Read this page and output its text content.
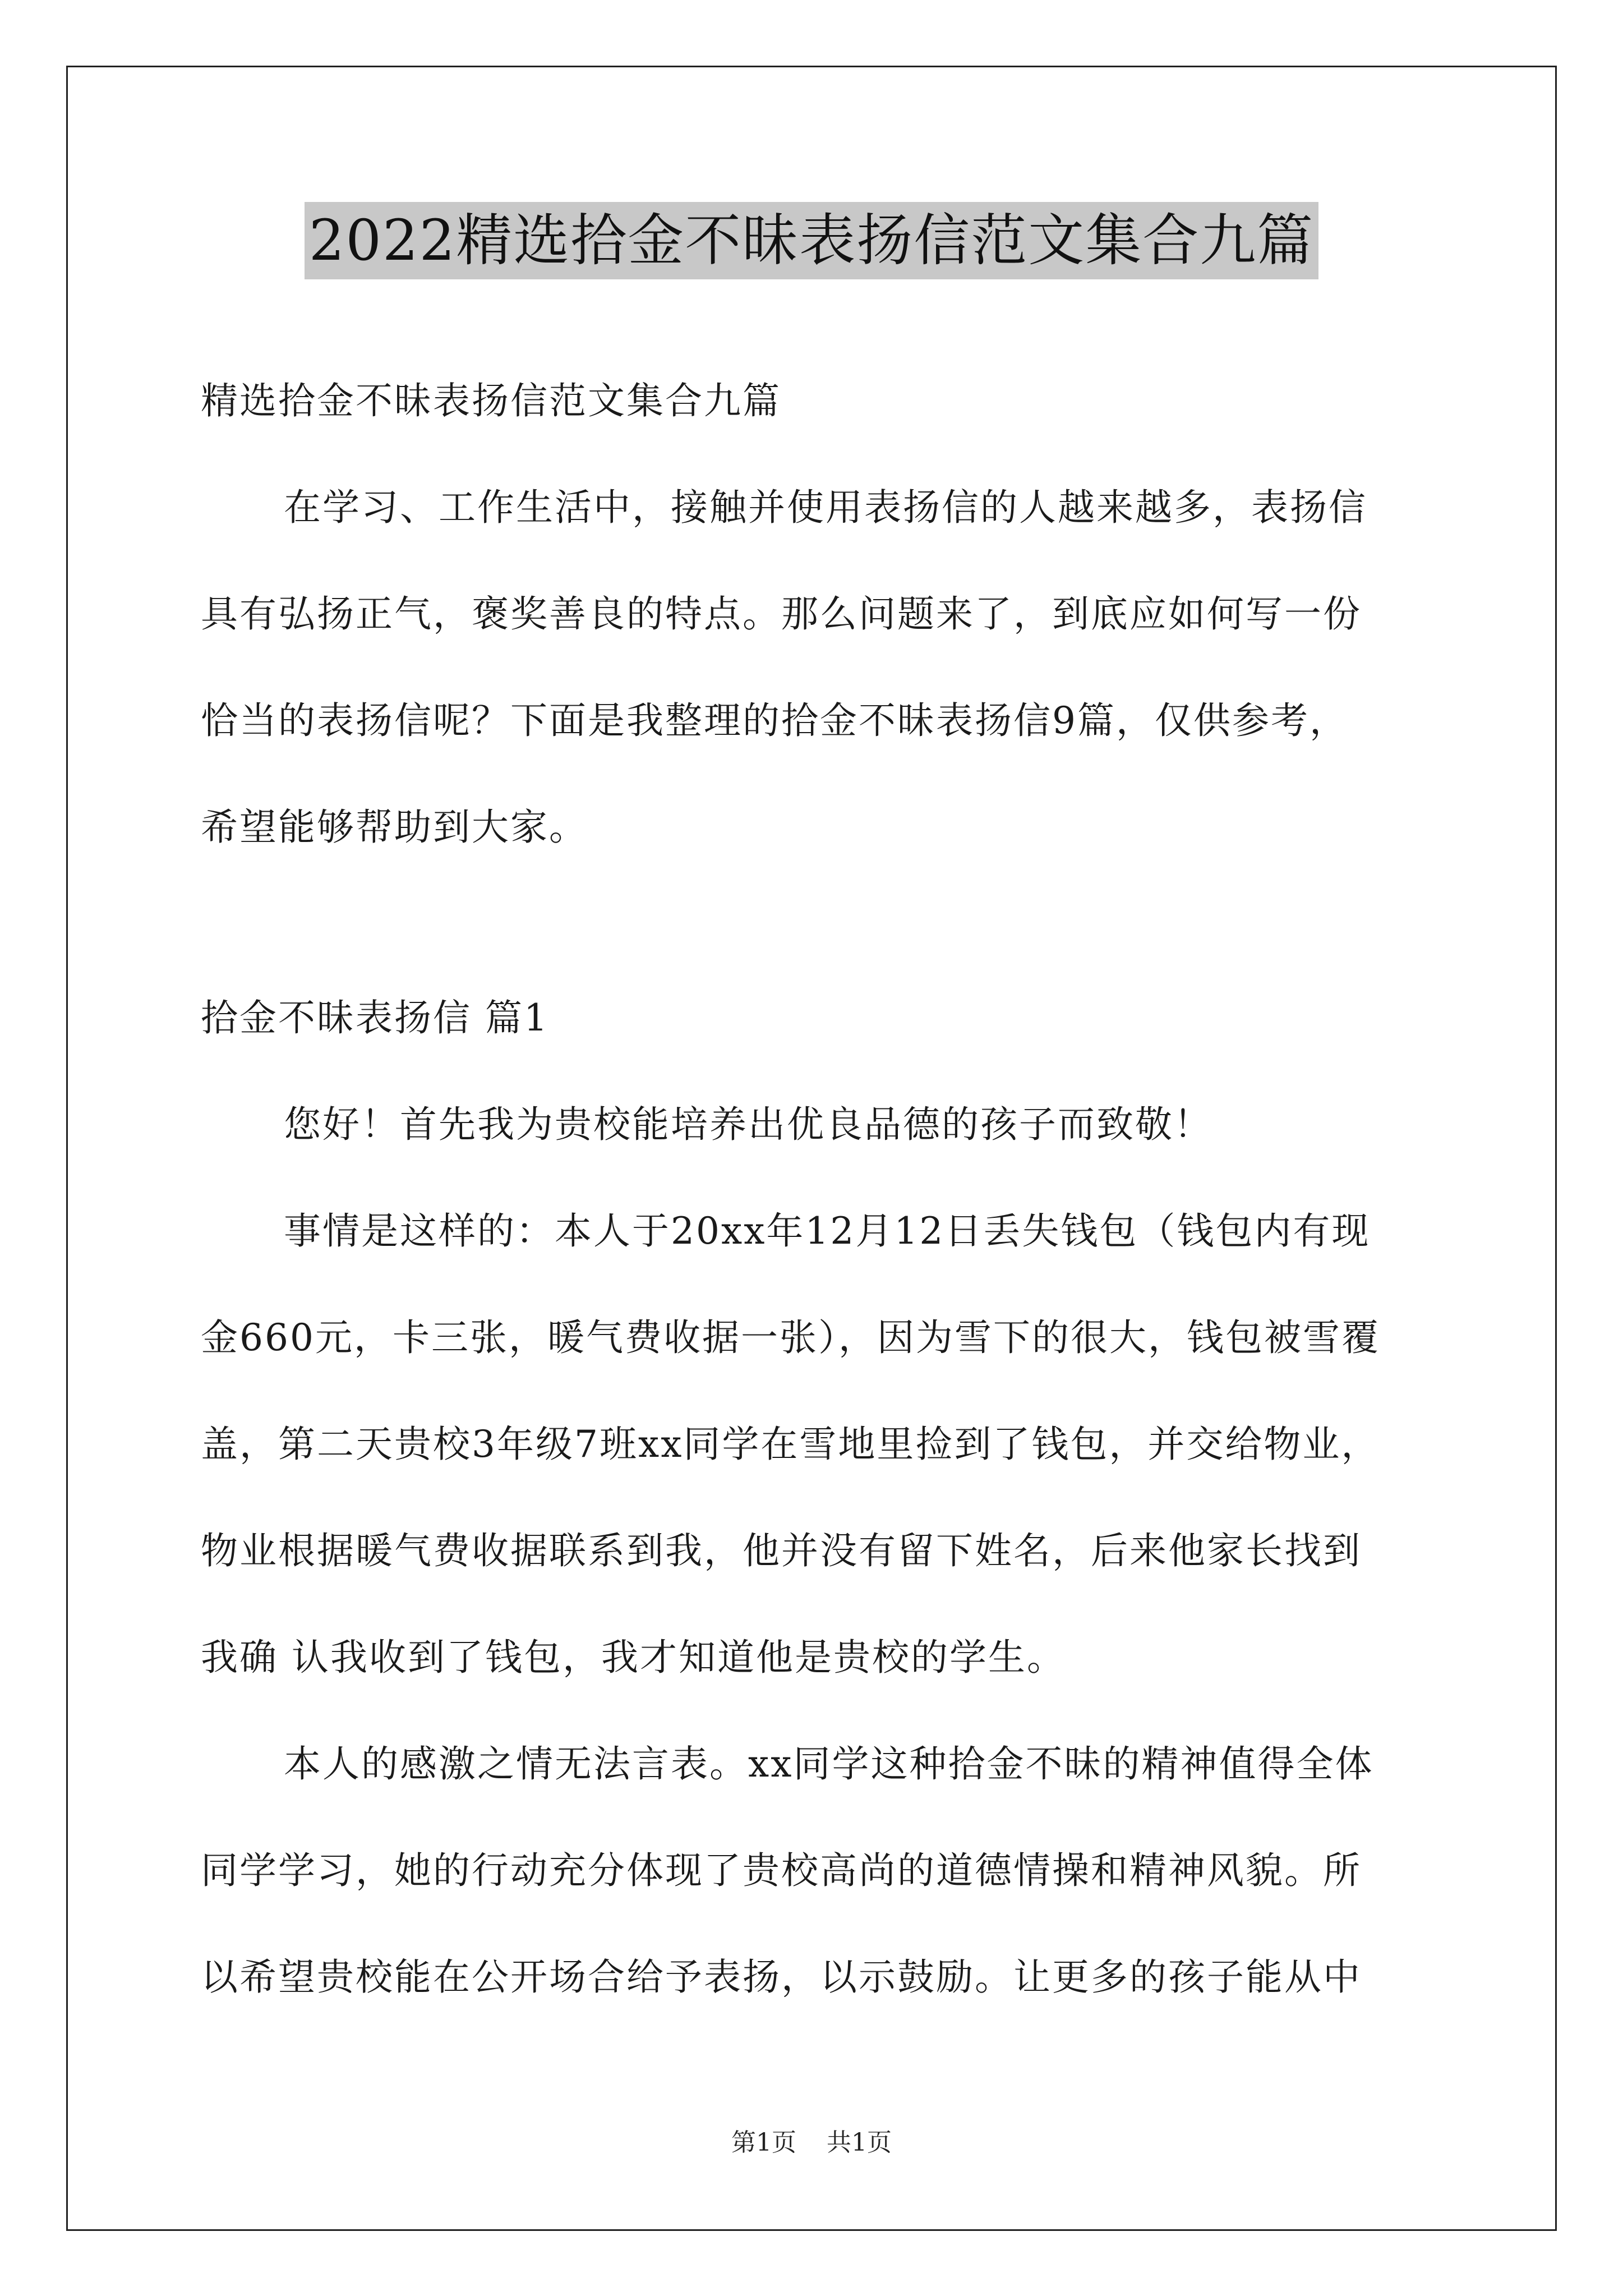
2022精选拾金不昧表扬信范文集合九篇

精选拾金不昧表扬信范文集合九篇

在学习、工作生活中，接触并使用表扬信的人越来越多，表扬信

具有弘扬正气，褒奖善良的特点。那么问题来了，到底应如何写一份

恰当的表扬信呢？下面是我整理的拾金不昧表扬信9篇，仅供参考，

希望能够帮助到大家。

拾金不昧表扬信 篇1

您好！首先我为贵校能培养出优良品德的孩子而致敬！

事情是这样的：本人于20xx年12月12日丢失钱包（钱包内有现

金660元，卡三张，暖气费收据一张），因为雪下的很大，钱包被雪覆

盖，第二天贵校3年级7班xx同学在雪地里捡到了钱包，并交给物业，

物业根据暖气费收据联系到我，他并没有留下姓名，后来他家长找到

我确 认我收到了钱包，我才知道他是贵校的学生。

本人的感激之情无法言表。xx同学这种拾金不昧的精神值得全体

同学学习，她的行动充分体现了贵校高尚的道德情操和精神风貌。所

以希望贵校能在公开场合给予表扬，以示鼓励。让更多的孩子能从中

第1页 共1页
